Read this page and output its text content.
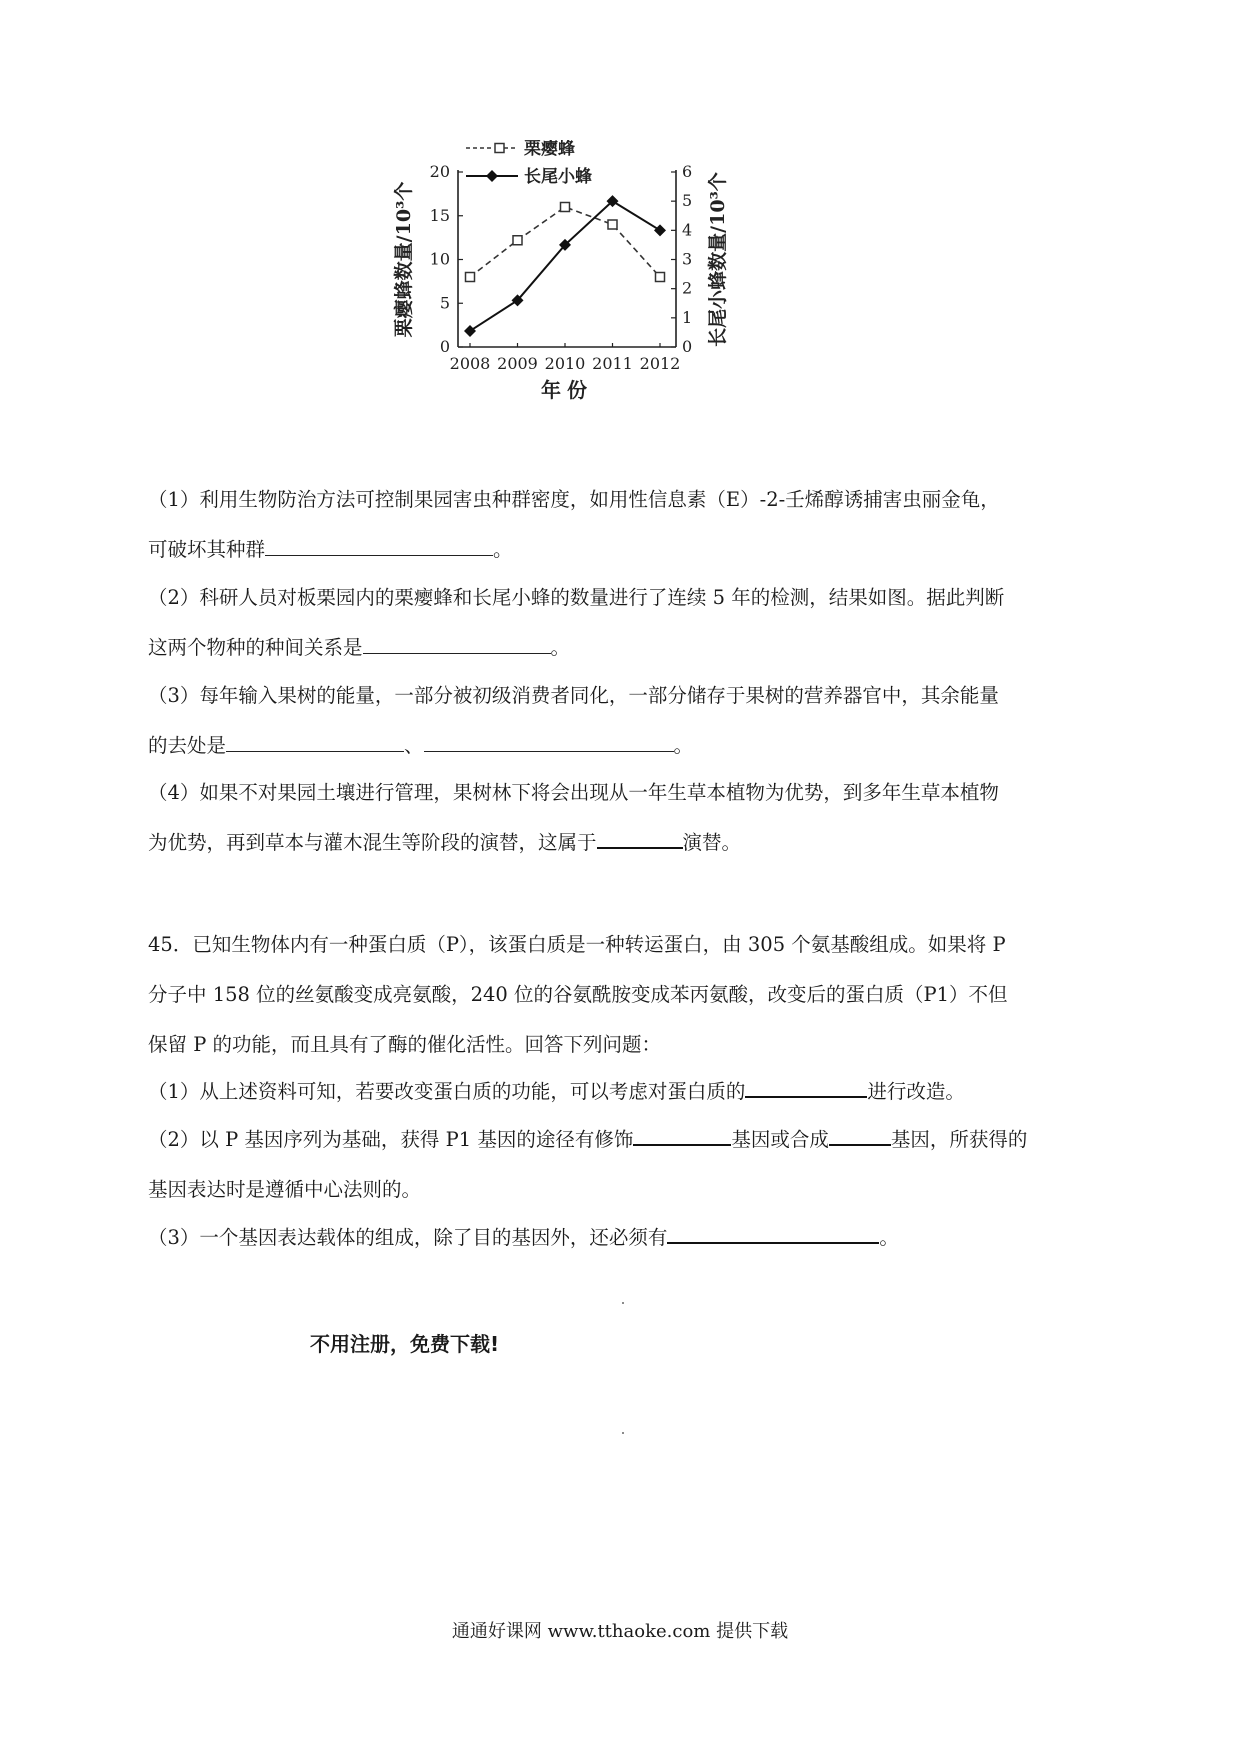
0
5
10
15
20
0
1
2
3
4
5
6
2008 2009 2010 2011 2012
年份
栗瘿蜂数量/10³个	长尾小蜂数量/10³个
栗瘿蜂
长尾小蜂

（1）利用生物防治方法可控制果园害虫种群密度，如用性信息素（E）-2-壬烯醇诱捕害虫丽金龟，
可破坏其种群	。

（2）科研人员对板栗园内的栗瘿蜂和长尾小蜂的数量进行了连续 5 年的检测，结果如图。据此判断
这两个物种的种间关系是	。

（3）每年输入果树的能量，一部分被初级消费者同化，一部分储存于果树的营养器官中，其余能量
的去处是	、	。

（4）如果不对果园土壤进行管理，果树林下将会出现从一年生草本植物为优势，到多年生草本植物
为优势，再到草本与灌木混生等阶段的演替，这属于	演替。

45．已知生物体内有一种蛋白质（P），该蛋白质是一种转运蛋白，由 305 个氨基酸组成。如果将 P
分子中 158 位的丝氨酸变成亮氨酸，240 位的谷氨酰胺变成苯丙氨酸，改变后的蛋白质（P1）不但
保留 P 的功能，而且具有了酶的催化活性。回答下列问题：

（1）从上述资料可知，若要改变蛋白质的功能，可以考虑对蛋白质的	进行改造。

（2）以 P 基因序列为基础，获得 P1 基因的途径有修饰	基因或合成	基因，所获得的
基因表达时是遵循中心法则的。

（3）一个基因表达载体的组成，除了目的基因外，还必须有	。

不用注册，免费下载!

通通好课网 www.tthaoke.com 提供下载
